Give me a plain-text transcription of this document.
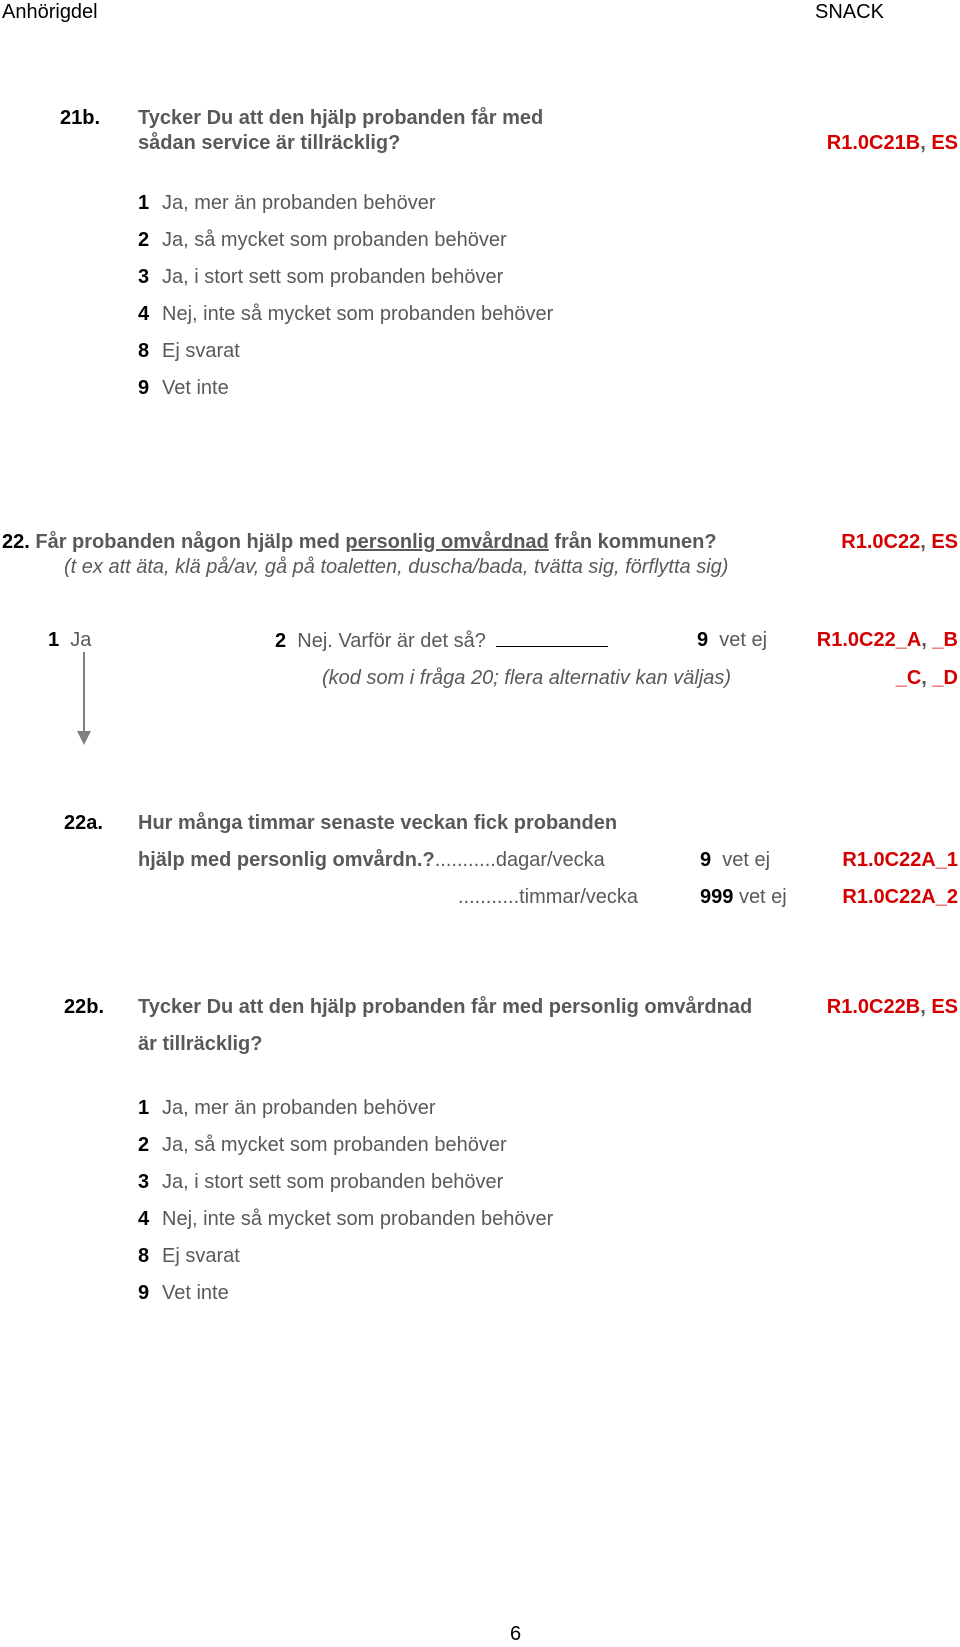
Anhörigdel	SNACK
21b. Tycker Du att den hjälp probanden får med
sådan service är tillräcklig?	R1.0C21B, ES
1 Ja, mer än probanden behöver
2 Ja, så mycket som probanden behöver
3 Ja, i stort sett som probanden behöver
4 Nej, inte så mycket som probanden behöver
8 Ej svarat
9 Vet inte
22. Får probanden någon hjälp med personlig omvårdnad från kommunen?	R1.0C22, ES
(t ex att äta, klä på/av, gå på toaletten, duscha/bada, tvätta sig, förflytta sig)
1 Ja	2 Nej. Varför är det så?	9 vet ej R1.0C22_A, _B
(kod som i fråga 20; flera alternativ kan väljas)	_C, _D
22a. Hur många timmar senaste veckan fick probanden
hjälp med personlig omvårdn.?...........dagar/vecka	9 vet ej	R1.0C22A_1
...........timmar/vecka	999 vet ej	R1.0C22A_2
22b. Tycker Du att den hjälp probanden får med personlig omvårdnad
är tillräcklig?
R1.0C22B, ES
1 Ja, mer än probanden behöver
2 Ja, så mycket som probanden behöver
3 Ja, i stort sett som probanden behöver
4 Nej, inte så mycket som probanden behöver
8 Ej svarat
9 Vet inte
6
